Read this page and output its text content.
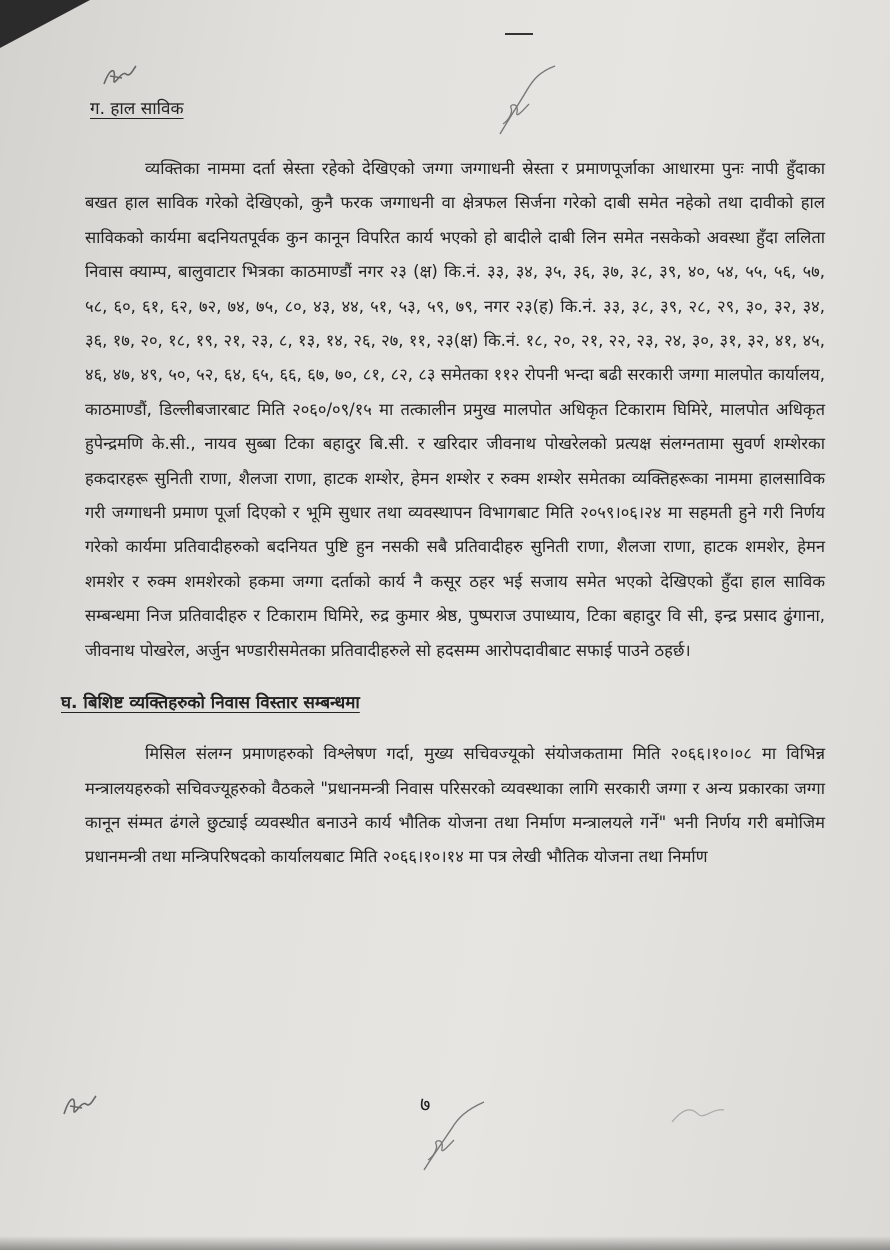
ग. हाल साविक

व्यक्तिका नाममा दर्ता स्रेस्ता रहेको देखिएको जग्गा जग्गाधनी स्रेस्ता र प्रमाणपूर्जाका आधारमा पुनः नापी हुँदाका बखत हाल साविक गरेको देखिएको, कुनै फरक जग्गाधनी वा क्षेत्रफल सिर्जना गरेको दाबी समेत नहेको तथा दावीको हाल साविकको कार्यमा बदनियतपूर्वक कुन कानून विपरित कार्य भएको हो बादीले दाबी लिन समेत नसकेको अवस्था हुँदा ललिता निवास क्याम्प, बालुवाटार भित्रका काठमाण्डौं नगर २३ (क्ष) कि.नं. ३३, ३४, ३५, ३६, ३७, ३८, ३९, ४०, ५४, ५५, ५६, ५७, ५८, ६०, ६१, ६२, ७२, ७४, ७५, ८०, ४३, ४४, ५१, ५३, ५९, ७९, नगर २३(ह) कि.नं. ३३, ३८, ३९, २८, २९, ३०, ३२, ३४, ३६, १७, २०, १८, १९, २१, २३, ८, १३, १४, २६, २७, ११, २३(क्ष) कि.नं. १८, २०, २१, २२, २३, २४, ३०, ३१, ३२, ४१, ४५, ४६, ४७, ४९, ५०, ५२, ६४, ६५, ६६, ६७, ७०, ८१, ८२, ८३ समेतका ११२ रोपनी भन्दा बढी सरकारी जग्गा मालपोत कार्यालय, काठमाण्डौं, डिल्लीबजारबाट मिति २०६०/०९/१५ मा तत्कालीन प्रमुख मालपोत अधिकृत टिकाराम घिमिरे, मालपोत अधिकृत हुपेन्द्रमणि के.सी., नायव सुब्बा टिका बहादुर बि.सी. र खरिदार जीवनाथ पोखरेलको प्रत्यक्ष संलग्नतामा सुवर्ण शम्शेरका हकदारहरू सुनिती राणा, शैलजा राणा, हाटक शम्शेर, हेमन शम्शेर र रुक्म शम्शेर समेतका व्यक्तिहरूका नाममा हालसाविक गरी जग्गाधनी प्रमाण पूर्जा दिएको र भूमि सुधार तथा व्यवस्थापन विभागबाट मिति २०५९।०६।२४ मा सहमती हुने गरी निर्णय गरेको कार्यमा प्रतिवादीहरुको बदनियत पुष्टि हुन नसकी सबै प्रतिवादीहरु सुनिती राणा, शैलजा राणा, हाटक शमशेर, हेमन शमशेर र रुक्म शमशेरको हकमा जग्गा दर्ताको कार्य नै कसूर ठहर भई सजाय समेत भएको देखिएको हुँदा हाल साविक सम्बन्धमा निज प्रतिवादीहरु र टिकाराम घिमिरे, रुद्र कुमार श्रेष्ठ, पुष्पराज उपाध्याय, टिका बहादुर वि सी, इन्द्र प्रसाद ढुंगाना, जीवनाथ पोखरेल, अर्जुन भण्डारीसमेतका प्रतिवादीहरुले सो हदसम्म आरोपदावीबाट सफाई पाउने ठहर्छ।

घ. बिशिष्ट व्यक्तिहरुको निवास विस्तार सम्बन्धमा

मिसिल संलग्न प्रमाणहरुको विश्लेषण गर्दा, मुख्य सचिवज्यूको संयोजकतामा मिति २०६६।१०।०८ मा विभिन्न मन्त्रालयहरुको सचिवज्यूहरुको वैठकले "प्रधानमन्त्री निवास परिसरको व्यवस्थाका लागि सरकारी जग्गा र अन्य प्रकारका जग्गा कानून संम्मत ढंगले छुट्याई व्यवस्थीत बनाउने कार्य भौतिक योजना तथा निर्माण मन्त्रालयले गर्ने" भनी निर्णय गरी बमोजिम प्रधानमन्त्री तथा मन्त्रिपरिषदको कार्यालयबाट मिति २०६६।१०।१४ मा पत्र लेखी भौतिक योजना तथा निर्माण

७
